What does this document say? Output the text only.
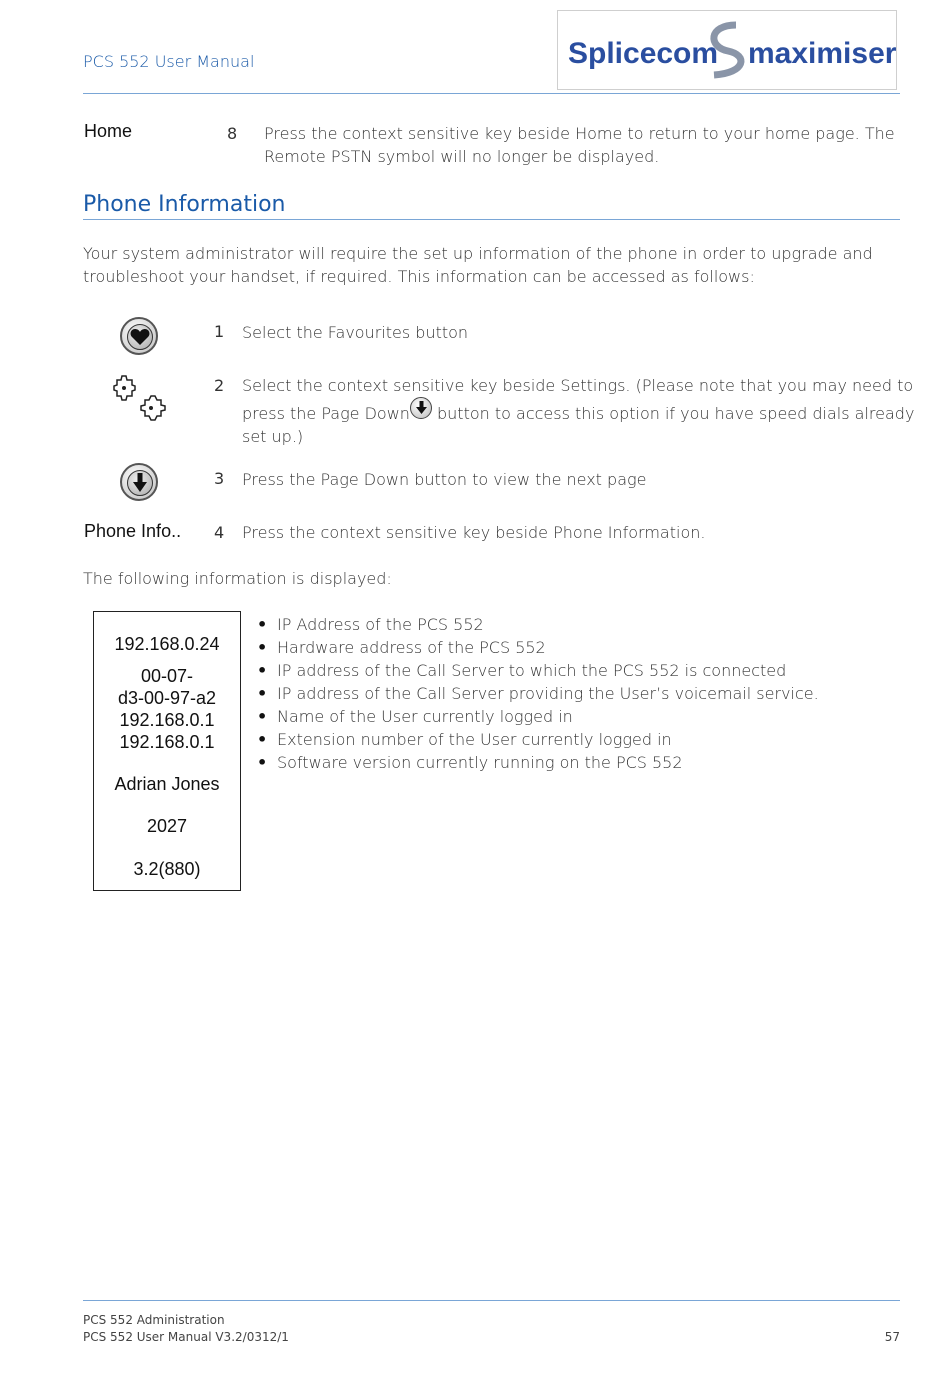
PCS 552 User Manual	Splicecom maximiser
Home	8 Press the context sensitive key beside Home to return to your home page. The
Remote PSTN symbol will no longer be displayed.
Phone Information
Your system administrator will require the set up information of the phone in order to upgrade and
troubleshoot your handset, if required. This information can be accessed as follows:
1 Select the Favourites button
2 Select the context sensitive key beside Settings. (Please note that you may need to
press the Page Down button to access this option if you have speed dials already
set up.)
3 Press the Page Down button to view the next page
Phone Info.. 4 Press the context sensitive key beside Phone Information.
The following information is displayed:
192.168.0.24
00-07-
d3-00-97-a2
192.168.0.1
192.168.0.1
Adrian Jones
2027
3.2(880)
• IP Address of the PCS 552
• Hardware address of the PCS 552
• IP address of the Call Server to which the PCS 552 is connected
• IP address of the Call Server providing the User’s voicemail service.
• Name of the User currently logged in
• Extension number of the User currently logged in
• Software version currently running on the PCS 552
PCS 552 Administration
PCS 552 User Manual V3.2/0312/1	57
